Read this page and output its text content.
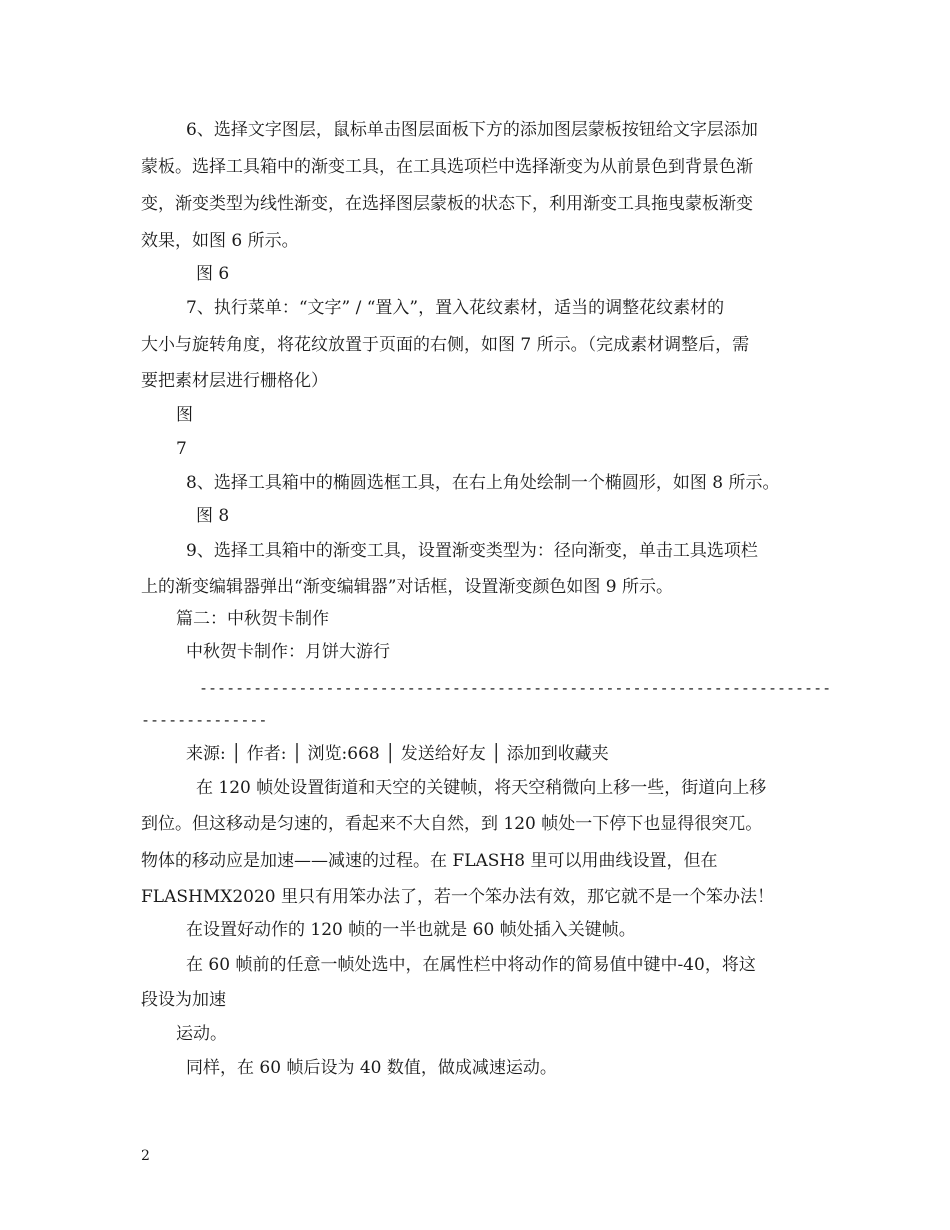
6、选择文字图层，鼠标单击图层面板下方的添加图层蒙板按钮给文字层添加
蒙板。选择工具箱中的渐变工具，在工具选项栏中选择渐变为从前景色到背景色渐
变，渐变类型为线性渐变，在选择图层蒙板的状态下，利用渐变工具拖曳蒙板渐变
效果，如图 6 所示。
图 6
7、执行菜单：“文字” / “置入”，置入花纹素材，适当的调整花纹素材的
大小与旋转角度，将花纹放置于页面的右侧，如图 7 所示。（完成素材调整后，需
要把素材层进行栅格化）
图
7
8、选择工具箱中的椭圆选框工具，在右上角处绘制一个椭圆形，如图 8 所示。
图 8
9、选择工具箱中的渐变工具，设置渐变类型为：径向渐变，单击工具选项栏
上的渐变编辑器弹出“渐变编辑器”对话框，设置渐变颜色如图 9 所示。
篇二：中秋贺卡制作
中秋贺卡制作：月饼大游行
----------------------------------------------------------------------
--------------
来源: │ 作者: │ 浏览:668 │ 发送给好友 │ 添加到收藏夹
在 120 帧处设置街道和天空的关键帧，将天空稍微向上移一些，街道向上移
到位。但这移动是匀速的，看起来不大自然，到 120 帧处一下停下也显得很突兀。
物体的移动应是加速——减速的过程。在 FLASH8 里可以用曲线设置，但在
FLASHMX2020 里只有用笨办法了，若一个笨办法有效，那它就不是一个笨办法！
在设置好动作的 120 帧的一半也就是 60 帧处插入关键帧。
在 60 帧前的任意一帧处选中，在属性栏中将动作的简易值中键中-40，将这
段设为加速
运动。
同样，在 60 帧后设为 40 数值，做成减速运动。
2
